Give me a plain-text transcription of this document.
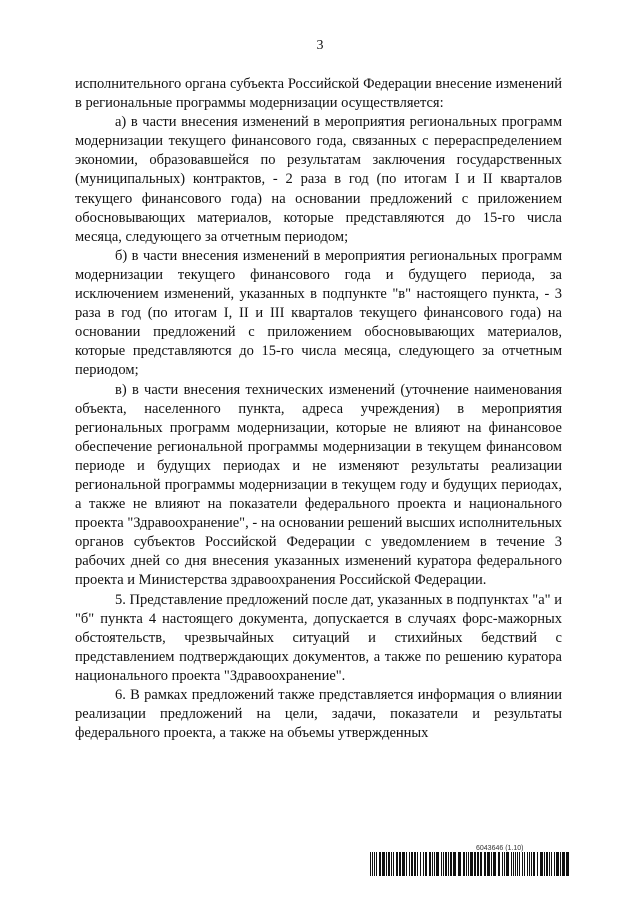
3

исполнительного органа субъекта Российской Федерации внесение изменений в региональные программы модернизации осуществляется:

а) в части внесения изменений в мероприятия региональных программ модернизации текущего финансового года, связанных с перераспределением экономии, образовавшейся по результатам заключения государственных (муниципальных) контрактов, - 2 раза в год (по итогам I и II кварталов текущего финансового года) на основании предложений с приложением обосновывающих материалов, которые представляются до 15-го числа месяца, следующего за отчетным периодом;

б) в части внесения изменений в мероприятия региональных программ модернизации текущего финансового года и будущего периода, за исключением изменений, указанных в подпункте "в" настоящего пункта, - 3 раза в год (по итогам I, II и III кварталов текущего финансового года) на основании предложений с приложением обосновывающих материалов, которые представляются до 15-го числа месяца, следующего за отчетным периодом;

в) в части внесения технических изменений (уточнение наименования объекта, населенного пункта, адреса учреждения) в мероприятия региональных программ модернизации, которые не влияют на финансовое обеспечение региональной программы модернизации в текущем финансовом периоде и будущих периодах и не изменяют результаты реализации региональной программы модернизации в текущем году и будущих периодах, а также не влияют на показатели федерального проекта и национального проекта "Здравоохранение", - на основании решений высших исполнительных органов субъектов Российской Федерации с уведомлением в течение 3 рабочих дней со дня внесения указанных изменений куратора федерального проекта и Министерства здравоохранения Российской Федерации.

5. Представление предложений после дат, указанных в подпунктах "а" и "б" пункта 4 настоящего документа, допускается в случаях форс-мажорных обстоятельств, чрезвычайных ситуаций и стихийных бедствий с представлением подтверждающих документов, а также по решению куратора национального проекта "Здравоохранение".

6. В рамках предложений также представляется информация о влиянии реализации предложений на цели, задачи, показатели и результаты федерального проекта, а также на объемы утвержденных

6043646 (1.10)
